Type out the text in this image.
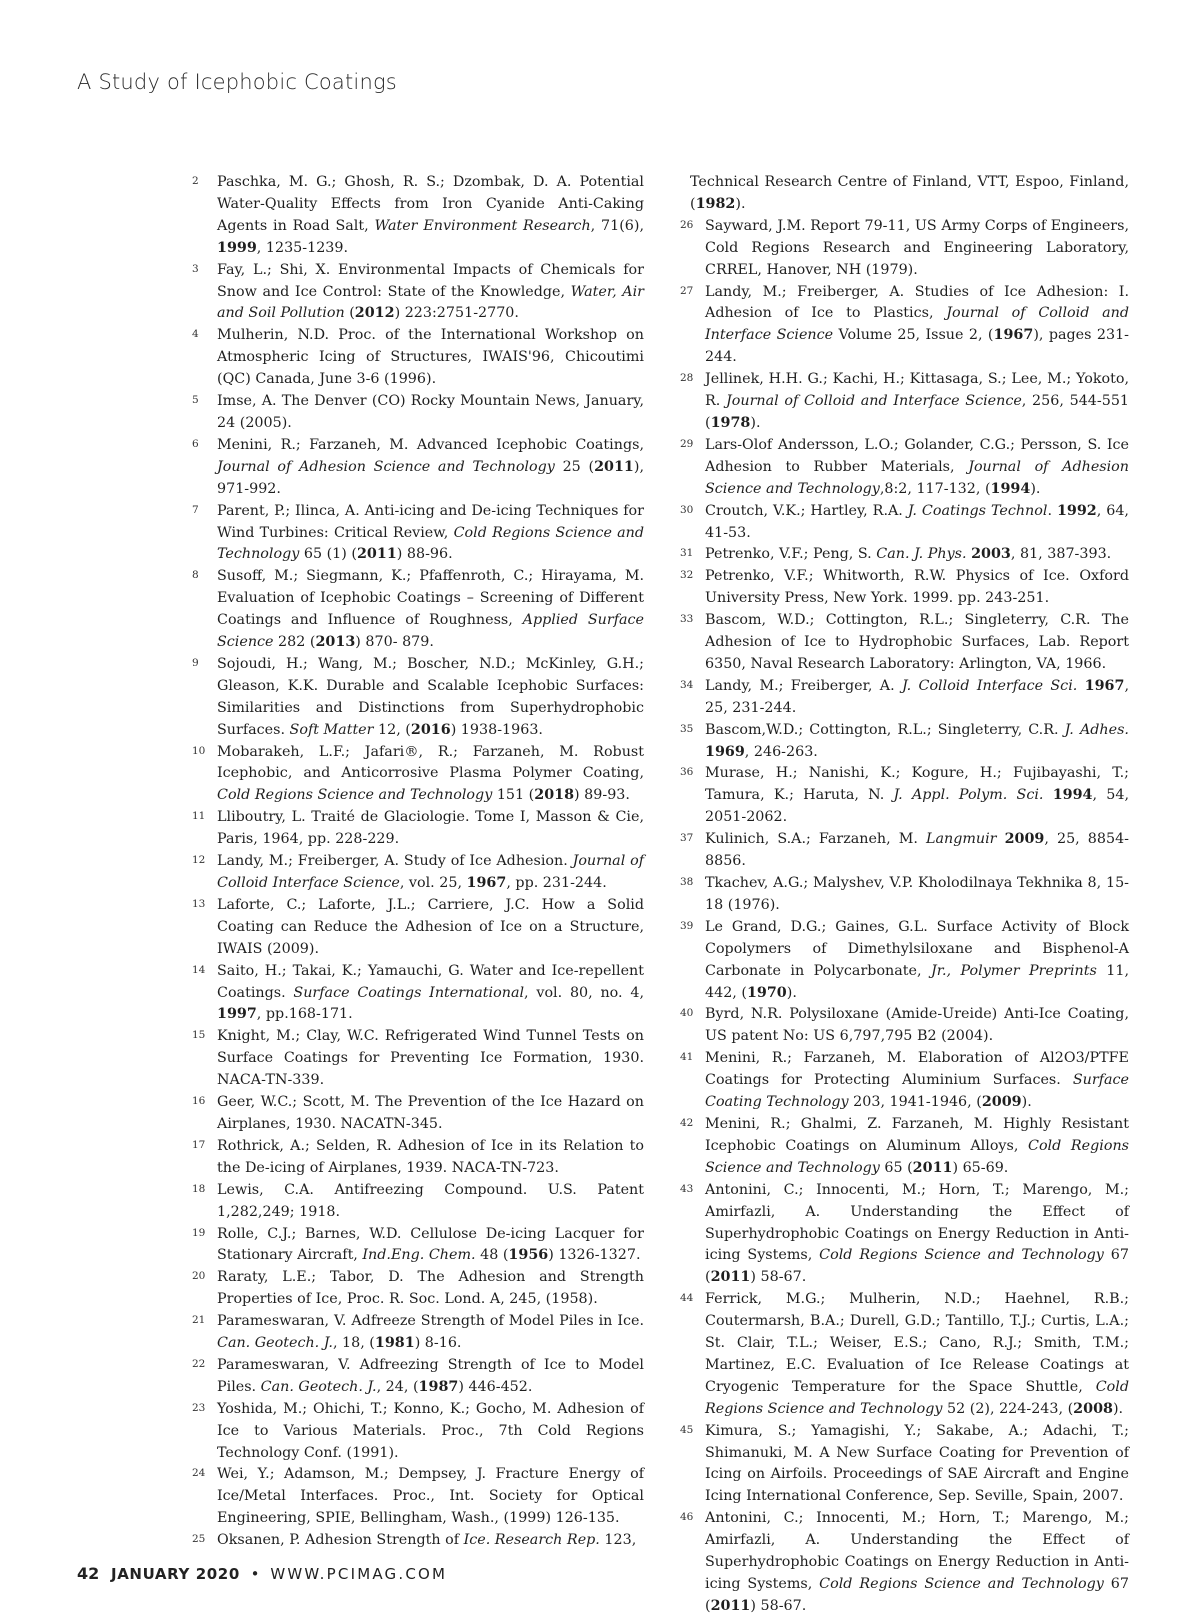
A Study of Icephobic Coatings

2 Paschka, M. G.; Ghosh, R. S.; Dzombak, D. A. Potential Water-Quality Effects from Iron Cyanide Anti-Caking Agents in Road Salt, Water Environment Research, 71(6), 1999, 1235-1239.

3 Fay, L.; Shi, X. Environmental Impacts of Chemicals for Snow and Ice Control: State of the Knowledge, Water, Air and Soil Pollution (2012) 223:2751-2770.

4 Mulherin, N.D. Proc. of the International Workshop on Atmospheric Icing of Structures, IWAIS'96, Chicoutimi (QC) Canada, June 3-6 (1996).

5 Imse, A. The Denver (CO) Rocky Mountain News, January, 24 (2005).

6 Menini, R.; Farzaneh, M. Advanced Icephobic Coatings, Journal of Adhesion Science and Technology 25 (2011), 971-992.

7 Parent, P.; Ilinca, A. Anti-icing and De-icing Techniques for Wind Turbines: Critical Review, Cold Regions Science and Technology 65 (1) (2011) 88-96.

8 Susoff, M.; Siegmann, K.; Pfaffenroth, C.; Hirayama, M. Evaluation of Icephobic Coatings – Screening of Different Coatings and Influence of Roughness, Applied Surface Science 282 (2013) 870- 879.

9 Sojoudi, H.; Wang, M.; Boscher, N.D.; McKinley, G.H.; Gleason, K.K. Durable and Scalable Icephobic Surfaces: Similarities and Distinctions from Superhydrophobic Surfaces. Soft Matter 12, (2016) 1938-1963.

10 Mobarakeh, L.F.; Jafari®, R.; Farzaneh, M. Robust Icephobic, and Anticorrosive Plasma Polymer Coating, Cold Regions Science and Technology 151 (2018) 89-93.

11 Lliboutry, L. Traité de Glaciologie. Tome I, Masson & Cie, Paris, 1964, pp. 228-229.

12 Landy, M.; Freiberger, A. Study of Ice Adhesion. Journal of Colloid Interface Science, vol. 25, 1967, pp. 231-244.

13 Laforte, C.; Laforte, J.L.; Carriere, J.C. How a Solid Coating can Reduce the Adhesion of Ice on a Structure, IWAIS (2009).

14 Saito, H.; Takai, K.; Yamauchi, G. Water and Ice-repellent Coatings. Surface Coatings International, vol. 80, no. 4, 1997, pp.168-171.

15 Knight, M.; Clay, W.C. Refrigerated Wind Tunnel Tests on Surface Coatings for Preventing Ice Formation, 1930. NACA-TN-339.

16 Geer, W.C.; Scott, M. The Prevention of the Ice Hazard on Airplanes, 1930. NACATN-345.

17 Rothrick, A.; Selden, R. Adhesion of Ice in its Relation to the De-icing of Airplanes, 1939. NACA-TN-723.

18 Lewis, C.A. Antifreezing Compound. U.S. Patent 1,282,249; 1918.

19 Rolle, C.J.; Barnes, W.D. Cellulose De-icing Lacquer for Stationary Aircraft, Ind.Eng. Chem. 48 (1956) 1326-1327.

20 Raraty, L.E.; Tabor, D. The Adhesion and Strength Properties of Ice, Proc. R. Soc. Lond. A, 245, (1958).

21 Parameswaran, V. Adfreeze Strength of Model Piles in Ice. Can. Geotech. J., 18, (1981) 8-16.

22 Parameswaran, V. Adfreezing Strength of Ice to Model Piles. Can. Geotech. J., 24, (1987) 446-452.

23 Yoshida, M.; Ohichi, T.; Konno, K.; Gocho, M. Adhesion of Ice to Various Materials. Proc., 7th Cold Regions Technology Conf. (1991).

24 Wei, Y.; Adamson, M.; Dempsey, J. Fracture Energy of Ice/Metal Interfaces. Proc., Int. Society for Optical Engineering, SPIE, Bellingham, Wash., (1999) 126-135.

25 Oksanen, P. Adhesion Strength of Ice. Research Rep. 123,

Technical Research Centre of Finland, VTT, Espoo, Finland, (1982).

26 Sayward, J.M. Report 79-11, US Army Corps of Engineers, Cold Regions Research and Engineering Laboratory, CRREL, Hanover, NH (1979).

27 Landy, M.; Freiberger, A. Studies of Ice Adhesion: I. Adhesion of Ice to Plastics, Journal of Colloid and Interface Science Volume 25, Issue 2, (1967), pages 231-244.

28 Jellinek, H.H. G.; Kachi, H.; Kittasaga, S.; Lee, M.; Yokoto, R. Journal of Colloid and Interface Science, 256, 544-551 (1978).

29 Lars-Olof Andersson, L.O.; Golander, C.G.; Persson, S. Ice Adhesion to Rubber Materials, Journal of Adhesion Science and Technology,8:2, 117-132, (1994).

30 Croutch, V.K.; Hartley, R.A. J. Coatings Technol. 1992, 64, 41-53.

31 Petrenko, V.F.; Peng, S. Can. J. Phys. 2003, 81, 387-393.

32 Petrenko, V.F.; Whitworth, R.W. Physics of Ice. Oxford University Press, New York. 1999. pp. 243-251.

33 Bascom, W.D.; Cottington, R.L.; Singleterry, C.R. The Adhesion of Ice to Hydrophobic Surfaces, Lab. Report 6350, Naval Research Laboratory: Arlington, VA, 1966.

34 Landy, M.; Freiberger, A. J. Colloid Interface Sci. 1967, 25, 231-244.

35 Bascom,W.D.; Cottington, R.L.; Singleterry, C.R. J. Adhes. 1969, 246-263.

36 Murase, H.; Nanishi, K.; Kogure, H.; Fujibayashi, T.; Tamura, K.; Haruta, N. J. Appl. Polym. Sci. 1994, 54, 2051-2062.

37 Kulinich, S.A.; Farzaneh, M. Langmuir 2009, 25, 8854-8856.

38 Tkachev, A.G.; Malyshev, V.P. Kholodilnaya Tekhnika 8, 15-18 (1976).

39 Le Grand, D.G.; Gaines, G.L. Surface Activity of Block Copolymers of Dimethylsiloxane and Bisphenol-A Carbonate in Polycarbonate, Jr., Polymer Preprints 11, 442, (1970).

40 Byrd, N.R. Polysiloxane (Amide-Ureide) Anti-Ice Coating, US patent No: US 6,797,795 B2 (2004).

41 Menini, R.; Farzaneh, M. Elaboration of Al2O3/PTFE Coatings for Protecting Aluminium Surfaces. Surface Coating Technology 203, 1941-1946, (2009).

42 Menini, R.; Ghalmi, Z. Farzaneh, M. Highly Resistant Icephobic Coatings on Aluminum Alloys, Cold Regions Science and Technology 65 (2011) 65-69.

43 Antonini, C.; Innocenti, M.; Horn, T.; Marengo, M.; Amirfazli, A. Understanding the Effect of Superhydrophobic Coatings on Energy Reduction in Anti-icing Systems, Cold Regions Science and Technology 67 (2011) 58-67.

44 Ferrick, M.G.; Mulherin, N.D.; Haehnel, R.B.; Coutermarsh, B.A.; Durell, G.D.; Tantillo, T.J.; Curtis, L.A.; St. Clair, T.L.; Weiser, E.S.; Cano, R.J.; Smith, T.M.; Martinez, E.C. Evaluation of Ice Release Coatings at Cryogenic Temperature for the Space Shuttle, Cold Regions Science and Technology 52 (2), 224-243, (2008).

45 Kimura, S.; Yamagishi, Y.; Sakabe, A.; Adachi, T.; Shimanuki, M. A New Surface Coating for Prevention of Icing on Airfoils. Proceedings of SAE Aircraft and Engine Icing International Conference, Sep. Seville, Spain, 2007.

46 Antonini, C.; Innocenti, M.; Horn, T.; Marengo, M.; Amirfazli, A. Understanding the Effect of Superhydrophobic Coatings on Energy Reduction in Anti-icing Systems, Cold Regions Science and Technology 67 (2011) 58-67.

42 JANUARY 2020 • WWW.PCIMAG.COM
